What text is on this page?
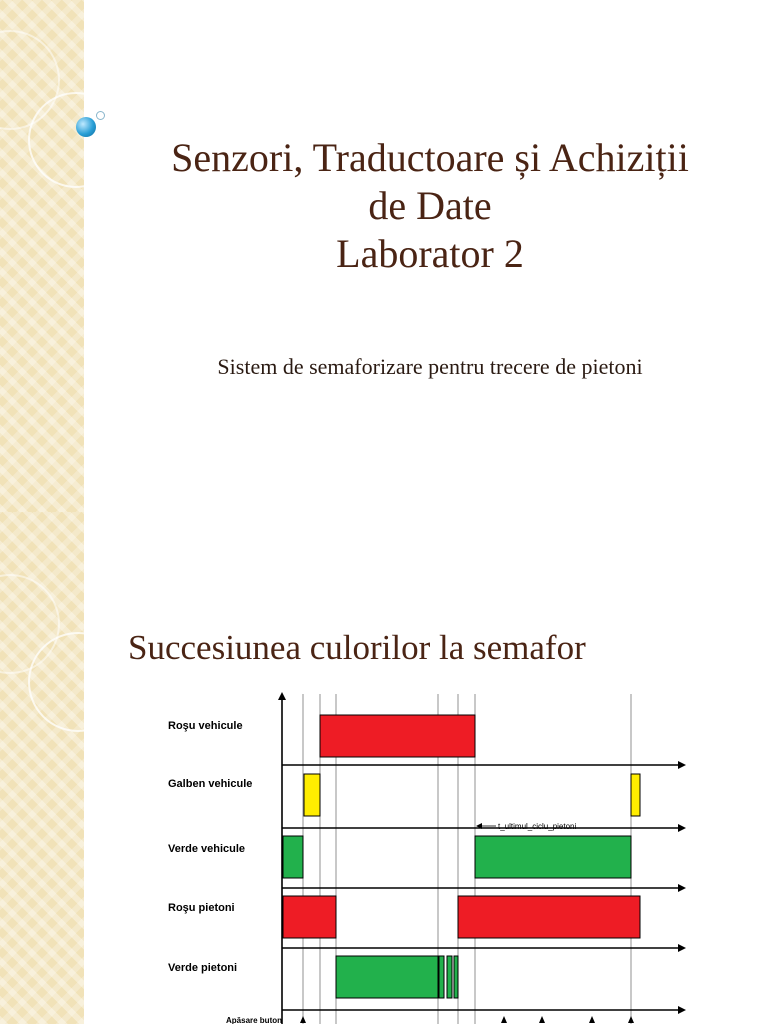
Senzori, Traductoare și Achiziții
de Date
Laborator 2
Sistem de semaforizare pentru trecere de pietoni
Succesiunea culorilor la semafor
Roşu vehicule
Galben vehicule
Verde vehicule
Roşu pietoni
Verde pietoni
t_ultimul_ciclu_pietoni
Apăsare buton
